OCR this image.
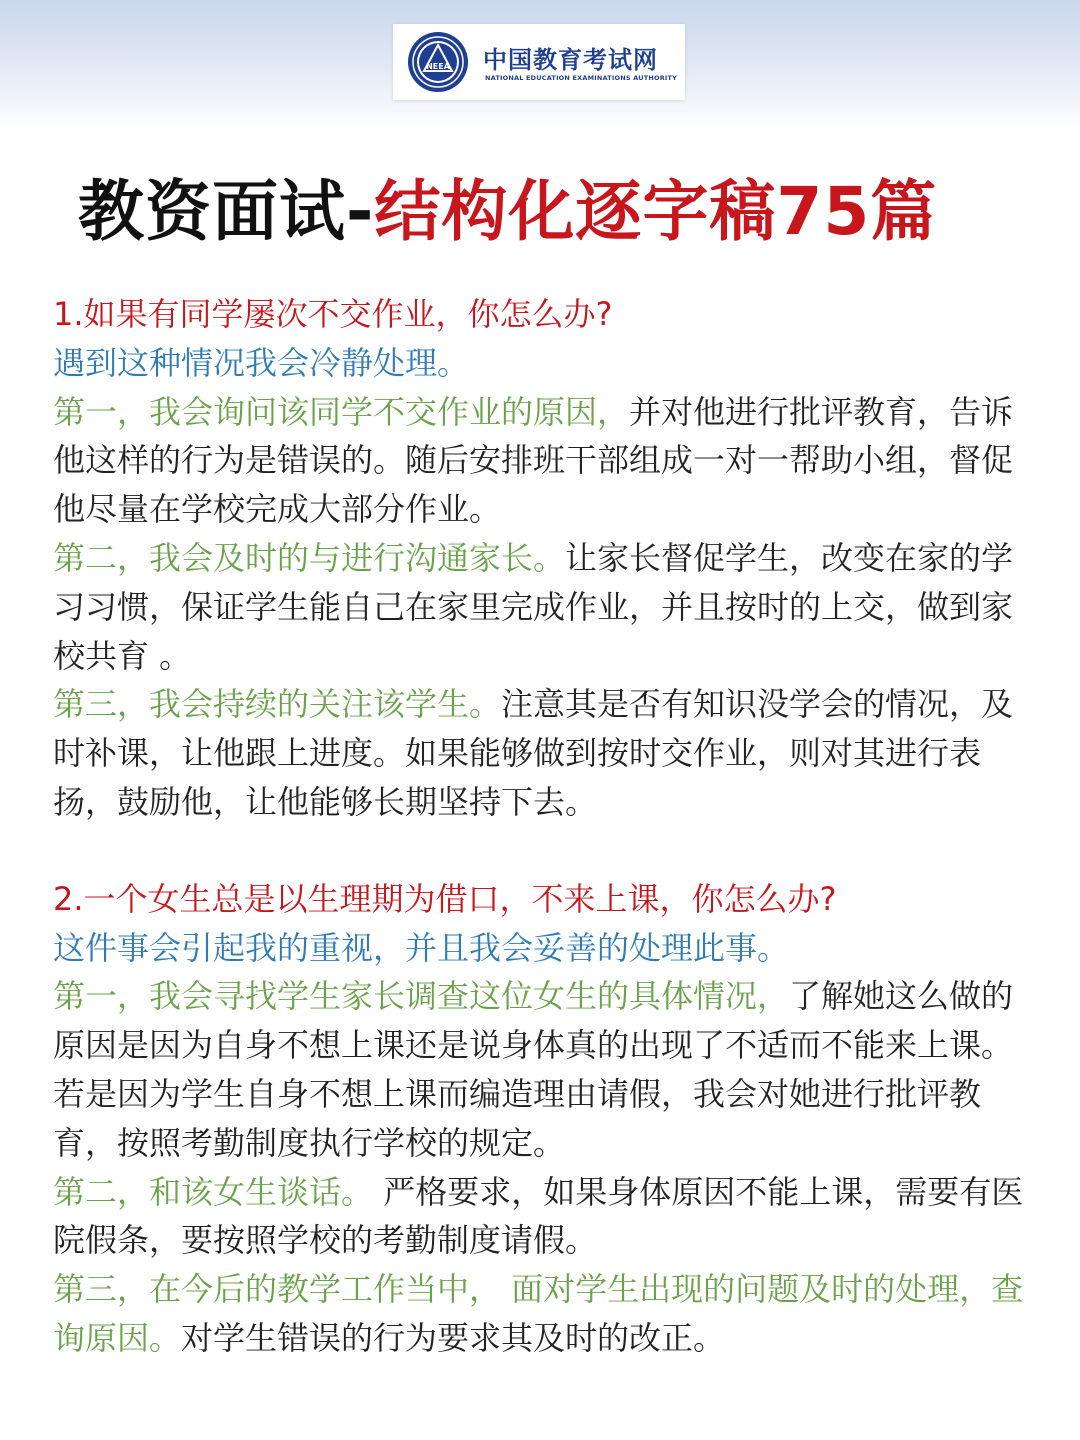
NEEA 中国教育考试网
NATIONAL EDUCATION EXAMINATIONS AUTHORITY
教资面试-结构化逐字稿75篇

1.如果有同学屡次不交作业，你怎么办?

遇到这种情况我会冷静处理。

第一，我会询问该同学不交作业的原因，并对他进行批评教育，告诉 他这样的行为是错误的。随后安排班干部组成一对一帮助小组，督促 他尽量在学校完成大部分作业。

第二，我会及时的与进行沟通家长。让家长督促学生，改变在家的学 习习惯，保证学生能自己在家里完成作业，并且按时的上交，做到家 校共育 。

第三，我会持续的关注该学生。注意其是否有知识没学会的情况，及 时补课，让他跟上进度。如果能够做到按时交作业，则对其进行表 扬，鼓励他，让他能够长期坚持下去。

2.一个女生总是以生理期为借口，不来上课，你怎么办?

这件事会引起我的重视，并且我会妥善的处理此事。

第一，我会寻找学生家长调查这位女生的具体情况，了解她这么做的 原因是因为自身不想上课还是说身体真的出现了不适而不能来上课。 若是因为学生自身不想上课而编造理由请假，我会对她进行批评教 育，按照考勤制度执行学校的规定。

第二，和该女生谈话。 严格要求，如果身体原因不能上课，需要有医 院假条，要按照学校的考勤制度请假。

第三，在今后的教学工作当中， 面对学生出现的问题及时的处理，查 询原因。对学生错误的行为要求其及时的改正。
